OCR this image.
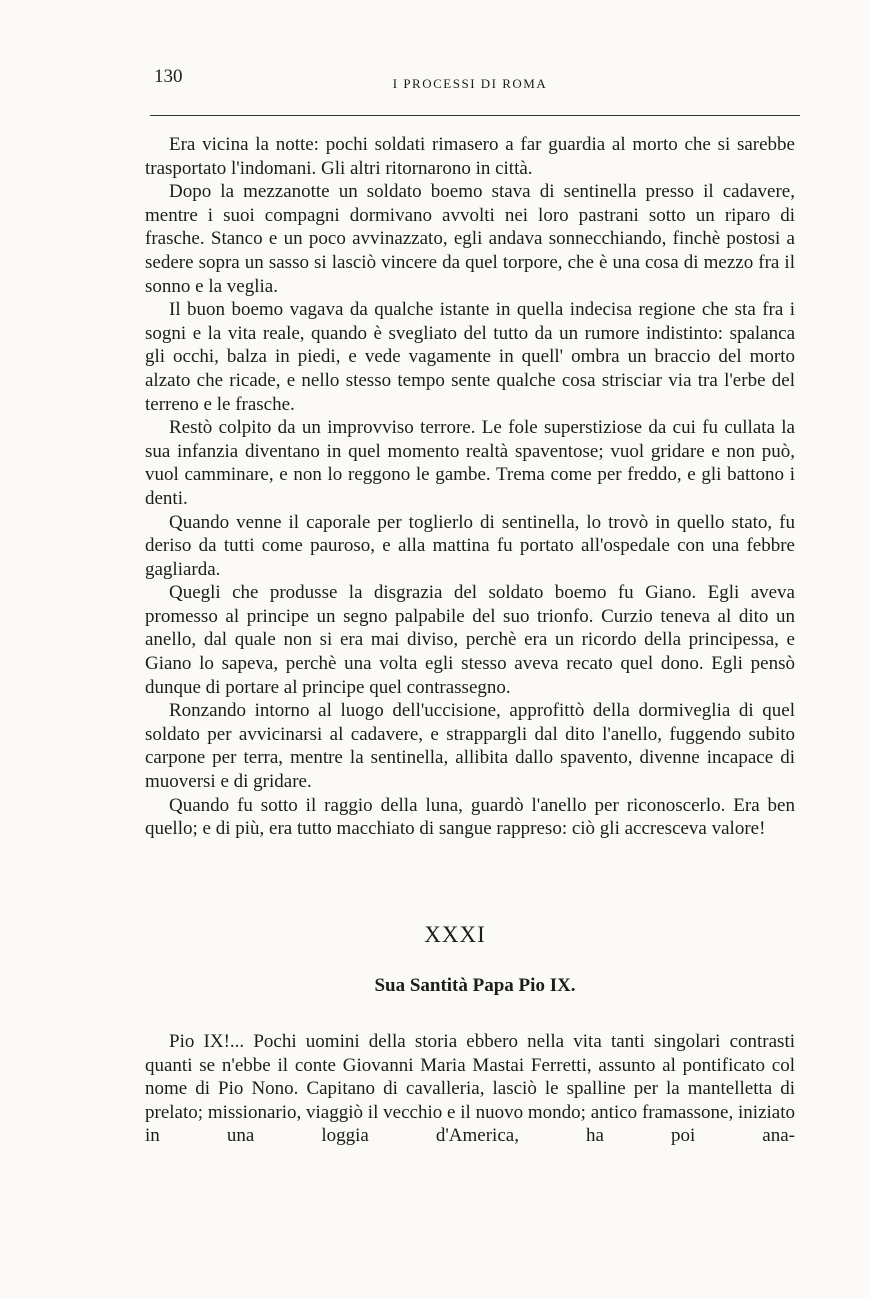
130	I PROCESSI DI ROMA

Era vicina la notte: pochi soldati rimasero a far guardia al morto che si sarebbe trasportato l'indomani. Gli altri ritornarono in città.

Dopo la mezzanotte un soldato boemo stava di sentinella presso il cadavere, mentre i suoi compagni dormivano avvolti nei loro pastrani sotto un riparo di frasche. Stanco e un poco avvinazzato, egli andava sonnecchiando, finchè postosi a sedere sopra un sasso si lasciò vincere da quel torpore, che è una cosa di mezzo fra il sonno e la veglia.

Il buon boemo vagava da qualche istante in quella indecisa regione che sta fra i sogni e la vita reale, quando è svegliato del tutto da un rumore indistinto: spalanca gli occhi, balza in piedi, e vede vagamente in quell' ombra un braccio del morto alzato che ricade, e nello stesso tempo sente qualche cosa strisciar via tra l'erbe del terreno e le frasche.

Restò colpito da un improvviso terrore. Le fole superstiziose da cui fu cullata la sua infanzia diventano in quel momento realtà spaventose; vuol gridare e non può, vuol camminare, e non lo reggono le gambe. Trema come per freddo, e gli battono i denti.

Quando venne il caporale per toglierlo di sentinella, lo trovò in quello stato, fu deriso da tutti come pauroso, e alla mattina fu portato all'ospedale con una febbre gagliarda.

Quegli che produsse la disgrazia del soldato boemo fu Giano. Egli aveva promesso al principe un segno palpabile del suo trionfo. Curzio teneva al dito un anello, dal quale non si era mai diviso, perchè era un ricordo della principessa, e Giano lo sapeva, perchè una volta egli stesso aveva recato quel dono. Egli pensò dunque di portare al principe quel contrassegno.

Ronzando intorno al luogo dell'uccisione, approfittò della dormiveglia di quel soldato per avvicinarsi al cadavere, e strappargli dal dito l'anello, fuggendo subito carpone per terra, mentre la sentinella, allibita dallo spavento, divenne incapace di muoversi e di gridare.

Quando fu sotto il raggio della luna, guardò l'anello per riconoscerlo. Era ben quello; e di più, era tutto macchiato di sangue rappreso: ciò gli accresceva valore!

XXXI
Sua Santità Papa Pio IX.

Pio IX!... Pochi uomini della storia ebbero nella vita tanti singolari contrasti quanti se n'ebbe il conte Giovanni Maria Mastai Ferretti, assunto al pontificato col nome di Pio Nono. Capitano di cavalleria, lasciò le spalline per la mantelletta di prelato; missionario, viaggiò il vecchio e il nuovo mondo; antico framassone, iniziato in una loggia d'America, ha poi ana-
